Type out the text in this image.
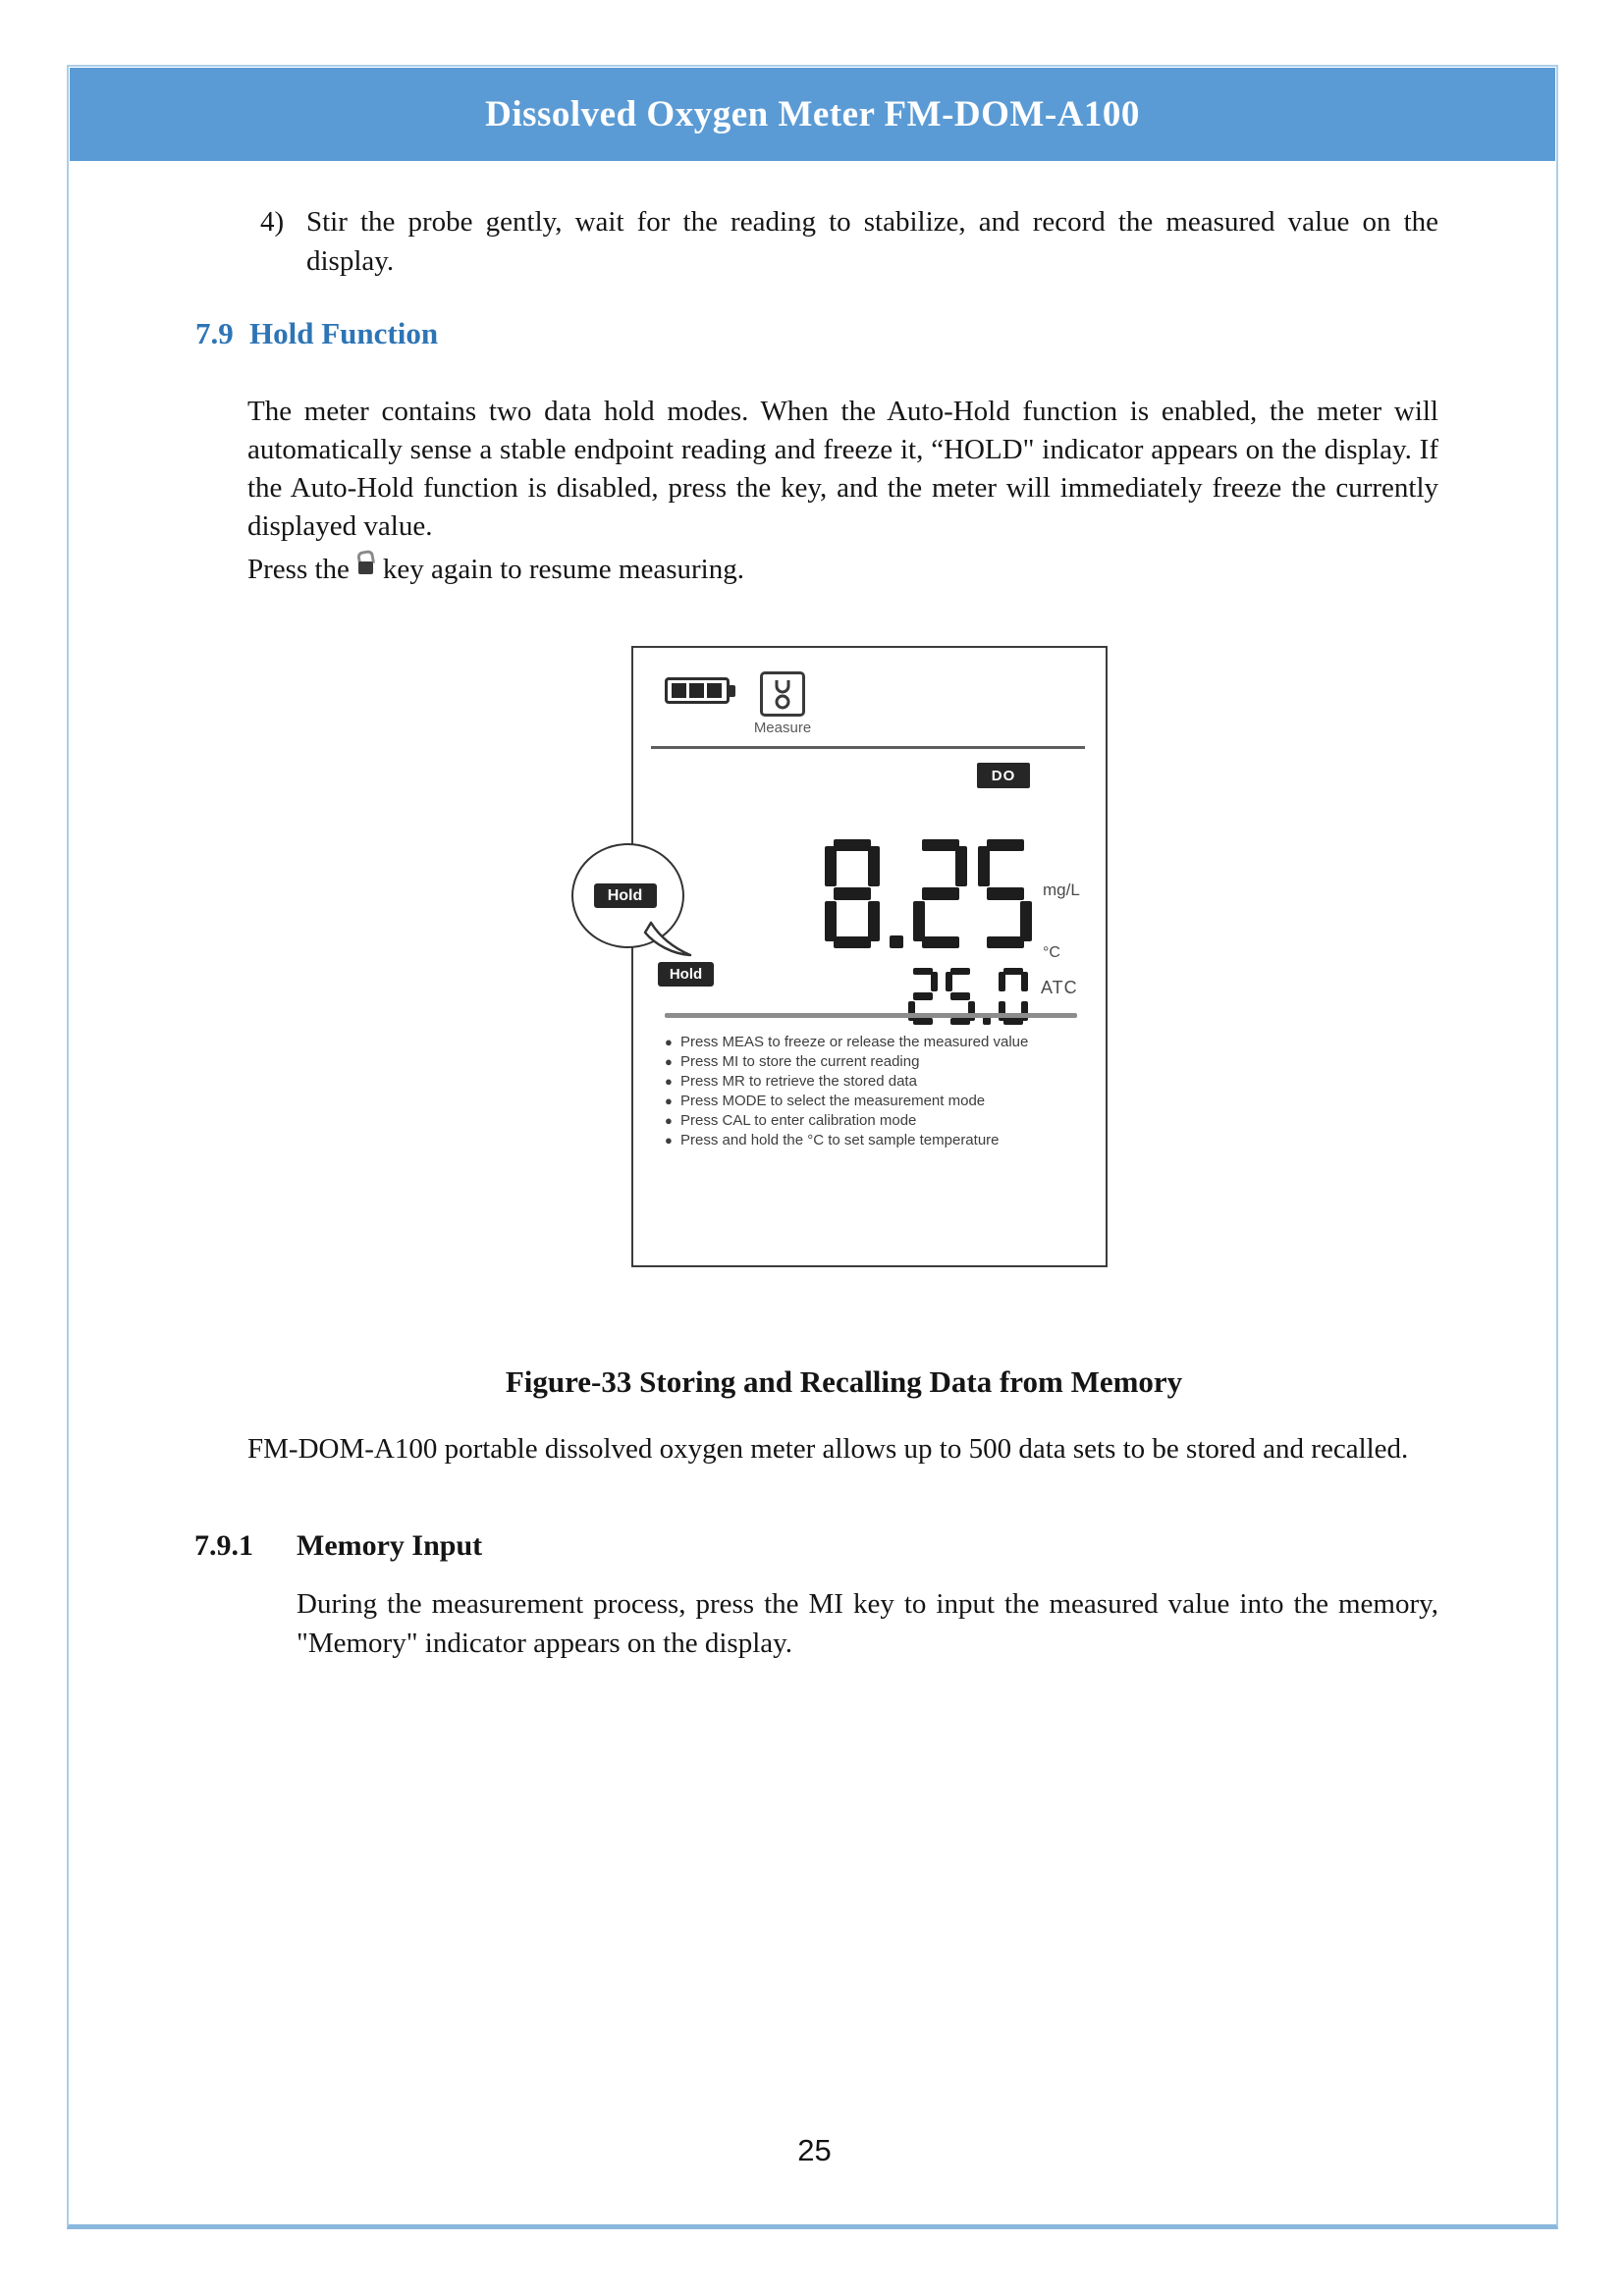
Dissolved Oxygen Meter FM-DOM-A100
4) Stir the probe gently, wait for the reading to stabilize, and record the measured value on the display.
7.9 Hold Function
The meter contains two data hold modes. When the Auto-Hold function is enabled, the meter will automatically sense a stable endpoint reading and freeze it, “HOLD" indicator appears on the display. If the Auto-Hold function is disabled, press the key, and the meter will immediately freeze the currently displayed value.
Press the key again to resume measuring.
Measure
DO
mg/L
°C
ATC
Hold
● Press MEAS to freeze or release the measured value
● Press MI to store the current reading
● Press MR to retrieve the stored data
● Press MODE to select the measurement mode
● Press CAL to enter calibration mode
● Press and hold the °C to set sample temperature
Hold
Figure-33 Storing and Recalling Data from Memory
FM-DOM-A100 portable dissolved oxygen meter allows up to 500 data sets to be stored and recalled.
7.9.1 Memory Input
During the measurement process, press the MI key to input the measured value into the memory, "Memory" indicator appears on the display.
25
